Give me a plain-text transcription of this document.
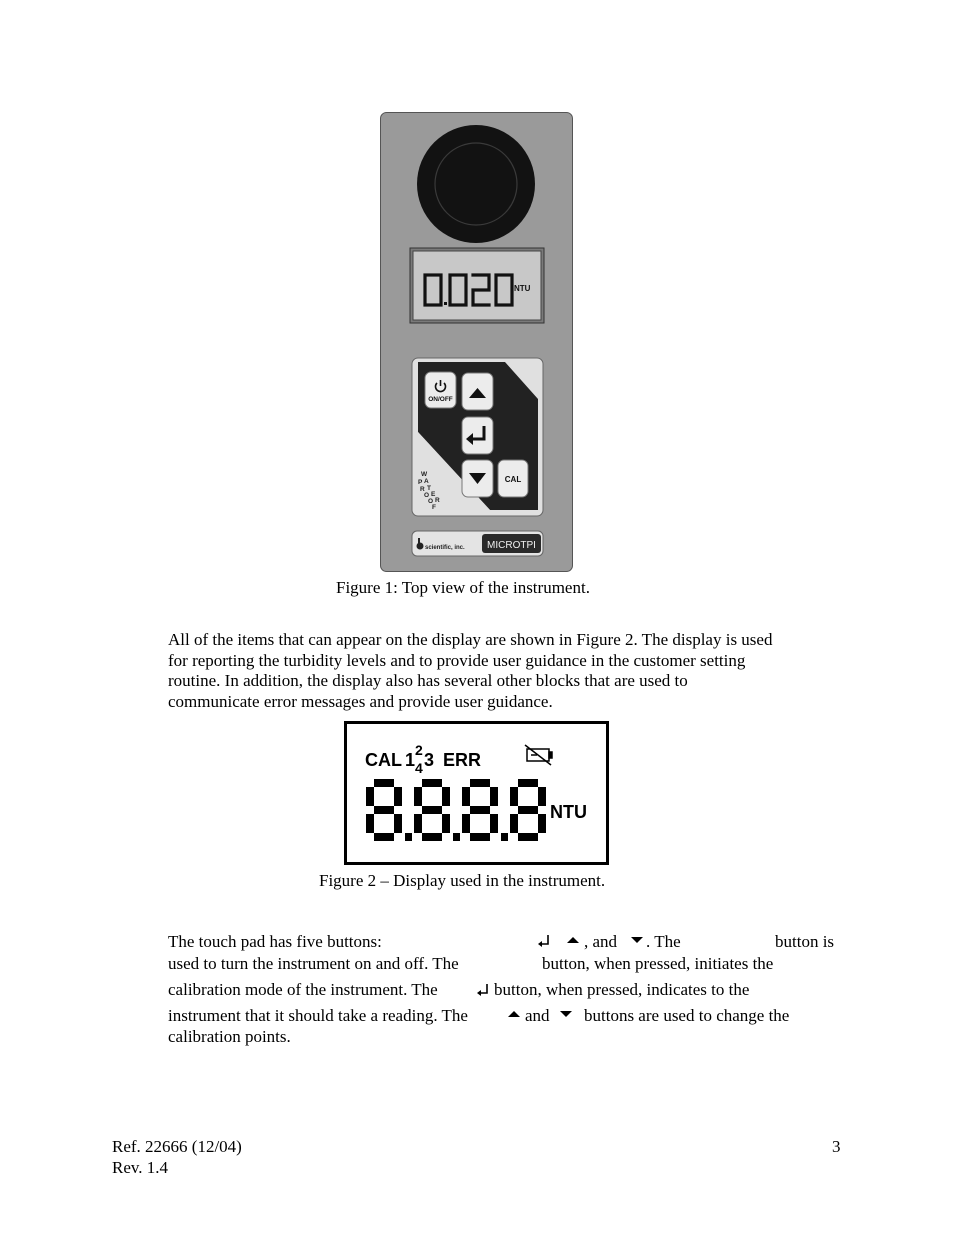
NTU
W
A
T
E
R
P
R
O
O
F
ON/OFF
CAL
scientific, inc. MICROTPI
Figure 1: Top view of the instrument.
All of the items that can appear on the display are shown in Figure 2. The display is used
for reporting the turbidity levels and to provide user guidance in the customer setting
routine. In addition, the display also has several other blocks that are used to
communicate error messages and provide user guidance.
CAL 1 2
4 3 ERR
NTU
Figure 2 – Display used in the instrument.
The touch pad has five buttons:	, and . The	button is
used to turn the instrument on and off. The	button, when pressed, initiates the
calibration mode of the instrument. The	button, when pressed, indicates to the
instrument that it should take a reading. The	and buttons are used to change the
calibration points.
Ref. 22666 (12/04)
Rev. 1.4
3
